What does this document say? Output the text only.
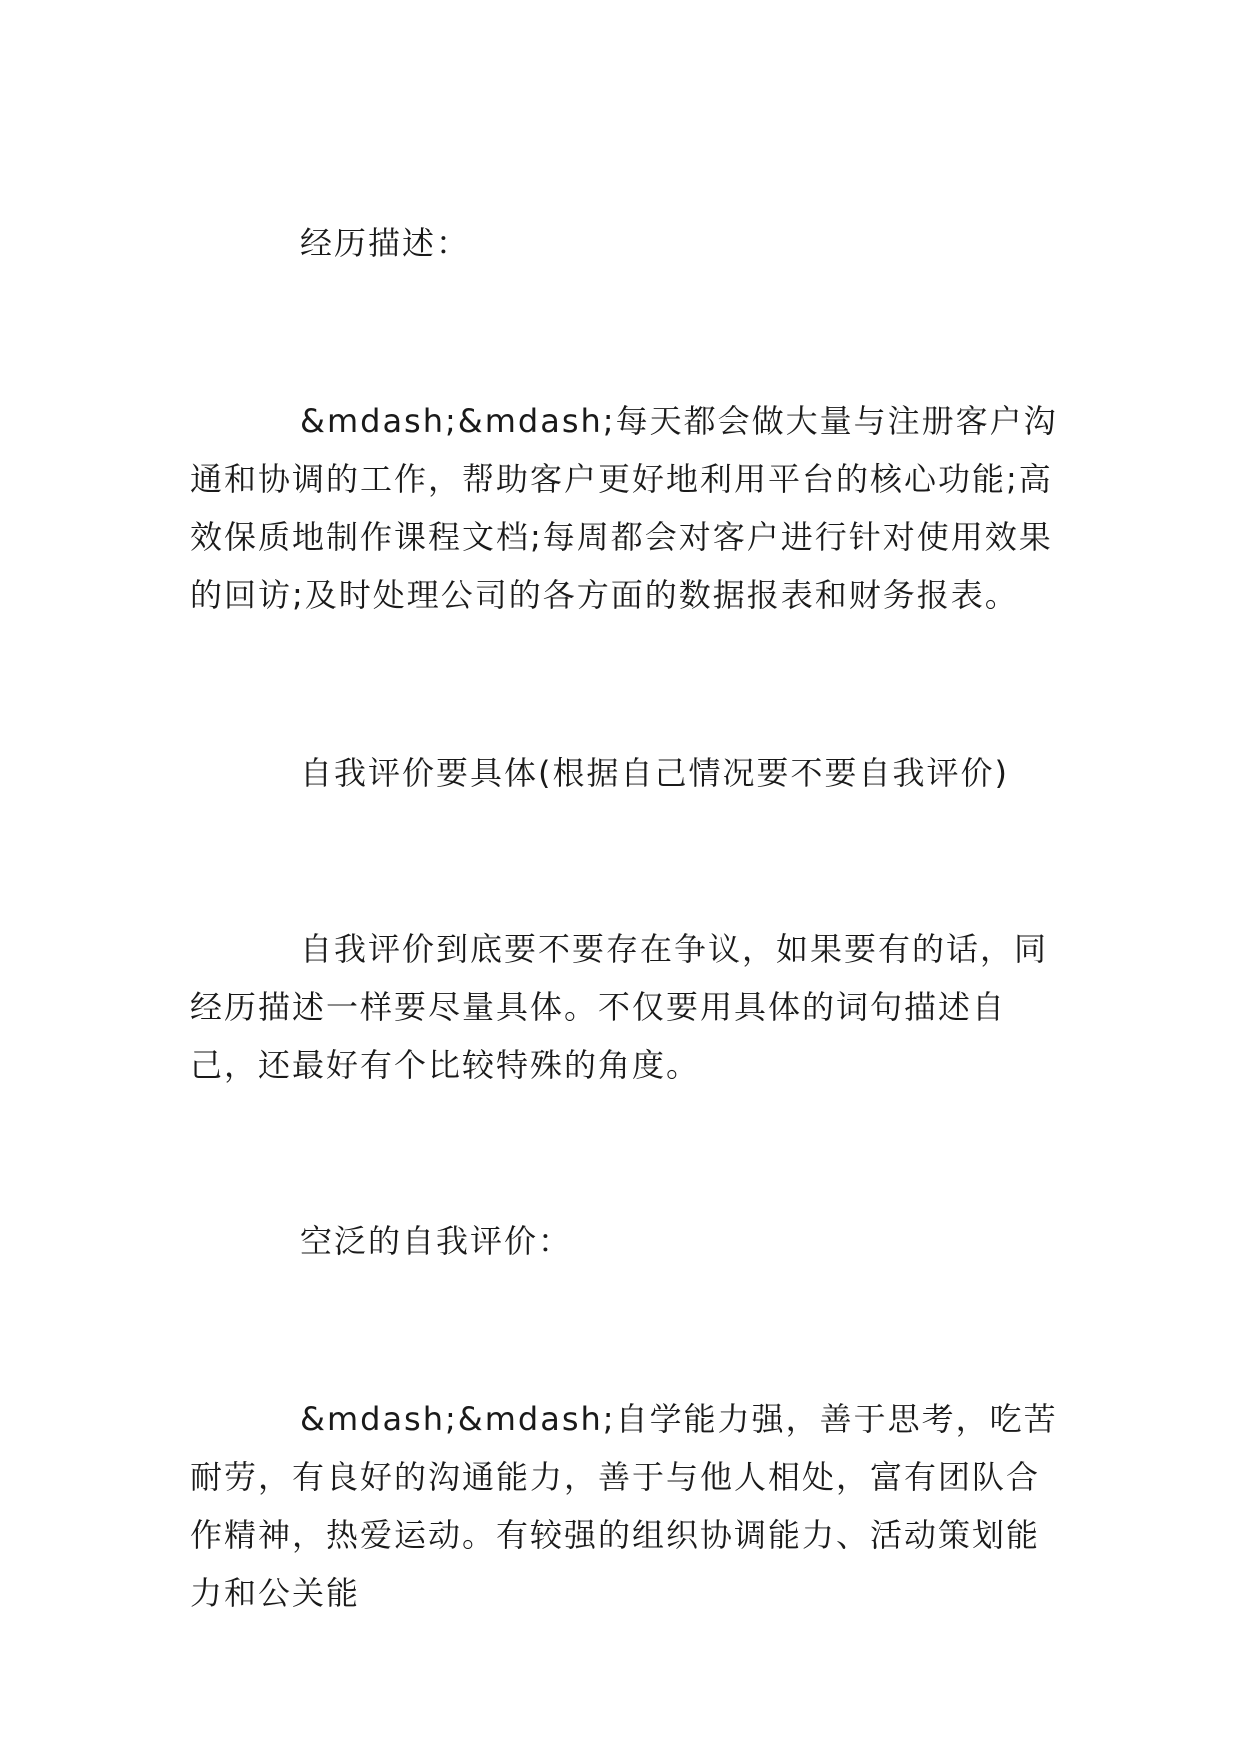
经历描述：

&mdash;&mdash;每天都会做大量与注册客户沟通和协调的工作，帮助客户更好地利用平台的核心功能;高效保质地制作课程文档;每周都会对客户进行针对使用效果的回访;及时处理公司的各方面的数据报表和财务报表。

自我评价要具体(根据自己情况要不要自我评价)

自我评价到底要不要存在争议，如果要有的话，同经历描述一样要尽量具体。不仅要用具体的词句描述自己，还最好有个比较特殊的角度。

空泛的自我评价：

&mdash;&mdash;自学能力强，善于思考，吃苦耐劳，有良好的沟通能力，善于与他人相处，富有团队合作精神，热爱运动。有较强的组织协调能力、活动策划能力和公关能
